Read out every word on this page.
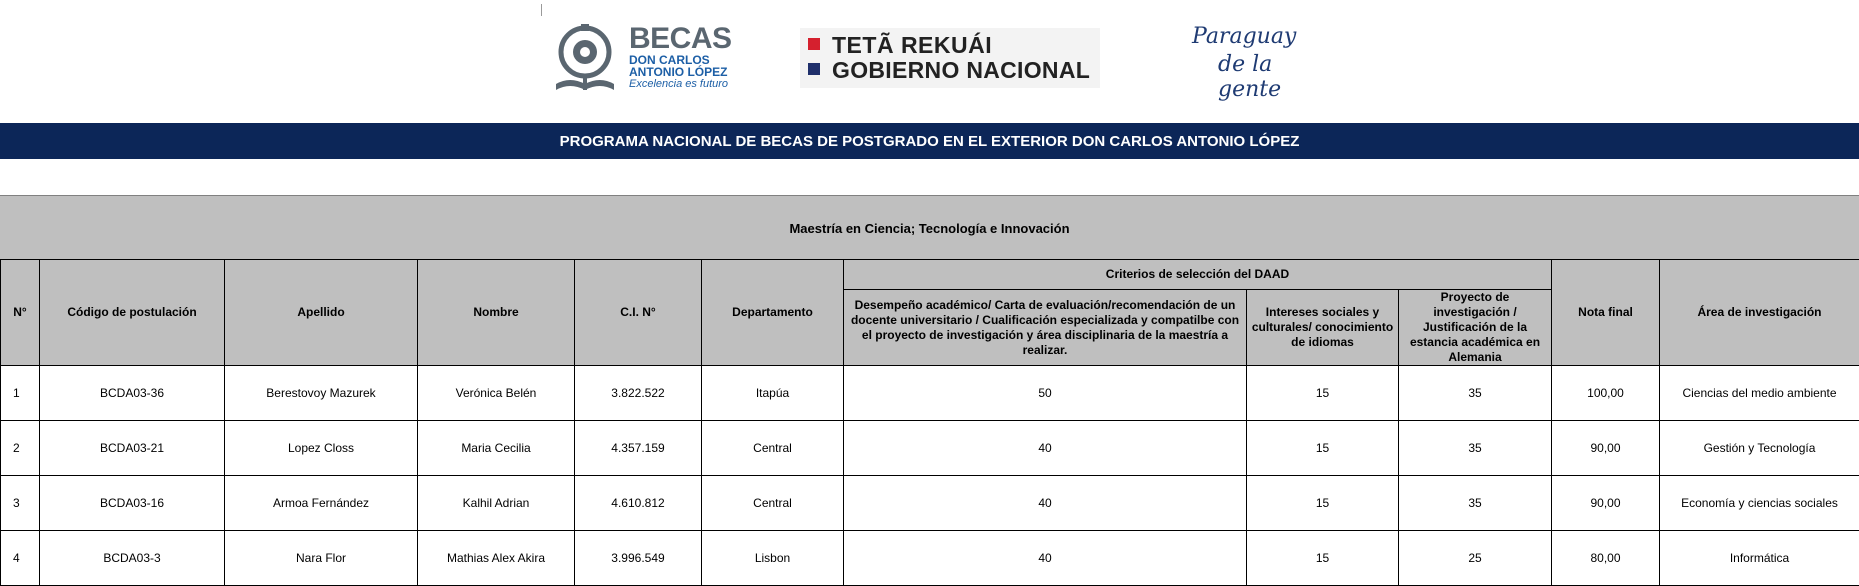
BECAS
DON CARLOS
ANTONIO LÓPEZ
Excelencia es futuro
TETÃ REKUÁI
GOBIERNO NACIONAL
Paraguay
de la gente
PROGRAMA NACIONAL DE BECAS DE POSTGRADO EN EL EXTERIOR DON CARLOS ANTONIO LÓPEZ
Maestría en Ciencia; Tecnología e Innovación
N°	Código de postulación	Apellido	Nombre	C.I. N°	Departamento	Criterios de selección del DAAD			Nota final	Área de investigación
						Desempeño académico/ Carta de evaluación/recomendación de un docente universitario / Cualificación especializada y compatilbe con el proyecto de investigación y área disciplinaria de la maestría a realizar.	Intereses sociales y culturales/ conocimiento de idiomas	Proyecto de investigación / Justificación de la estancia académica en Alemania		
1	BCDA03-36	Berestovoy Mazurek	Verónica Belén	3.822.522	Itapúa	50	15	35	100,00	Ciencias del medio ambiente
2	BCDA03-21	Lopez Closs	Maria Cecilia	4.357.159	Central	40	15	35	90,00	Gestión y Tecnología
3	BCDA03-16	Armoa Fernández	Kalhil Adrian	4.610.812	Central	40	15	35	90,00	Economía y ciencias sociales
4	BCDA03-3	Nara Flor	Mathias Alex Akira	3.996.549	Lisbon	40	15	25	80,00	Informática
